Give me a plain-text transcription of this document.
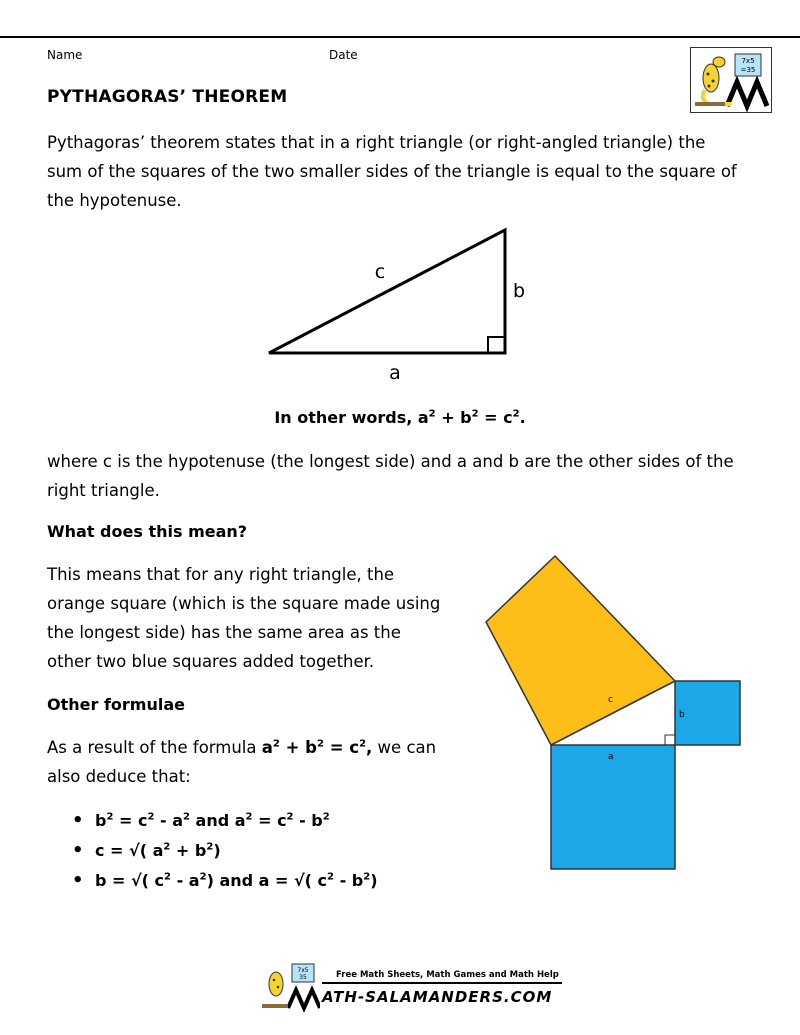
Name	Date
PYTHAGORAS’ THEOREM
7x5
=35
Pythagoras’ theorem states that in a right triangle (or right-angled triangle) the
sum of the squares of the two smaller sides of the triangle is equal to the square of
the hypotenuse.
c
b
a
In other words, $a^2 + b^2 = c^2$.
where c is the hypotenuse (the longest side) and a and b are the other sides of the
right triangle.
What does this mean?
This means that for any right triangle, the
orange square (which is the square made using
the longest side) has the same area as the
other two blue squares added together.
c
b
a
Other formulae
As a result of the formula $a^2 + b^2 = c^2$, we can
also deduce that:
• $b^2 = c^2 - a^2$ and $a^2 = c^2 - b^2$
• c = √( $a^2 + b^2$)
• b = √( $c^2 - a^2$) and a = √( $c^2 - b^2$)
7x5
35	Free Math Sheets, Math Games and Math Help
ATH-SALAMANDERS.COM
